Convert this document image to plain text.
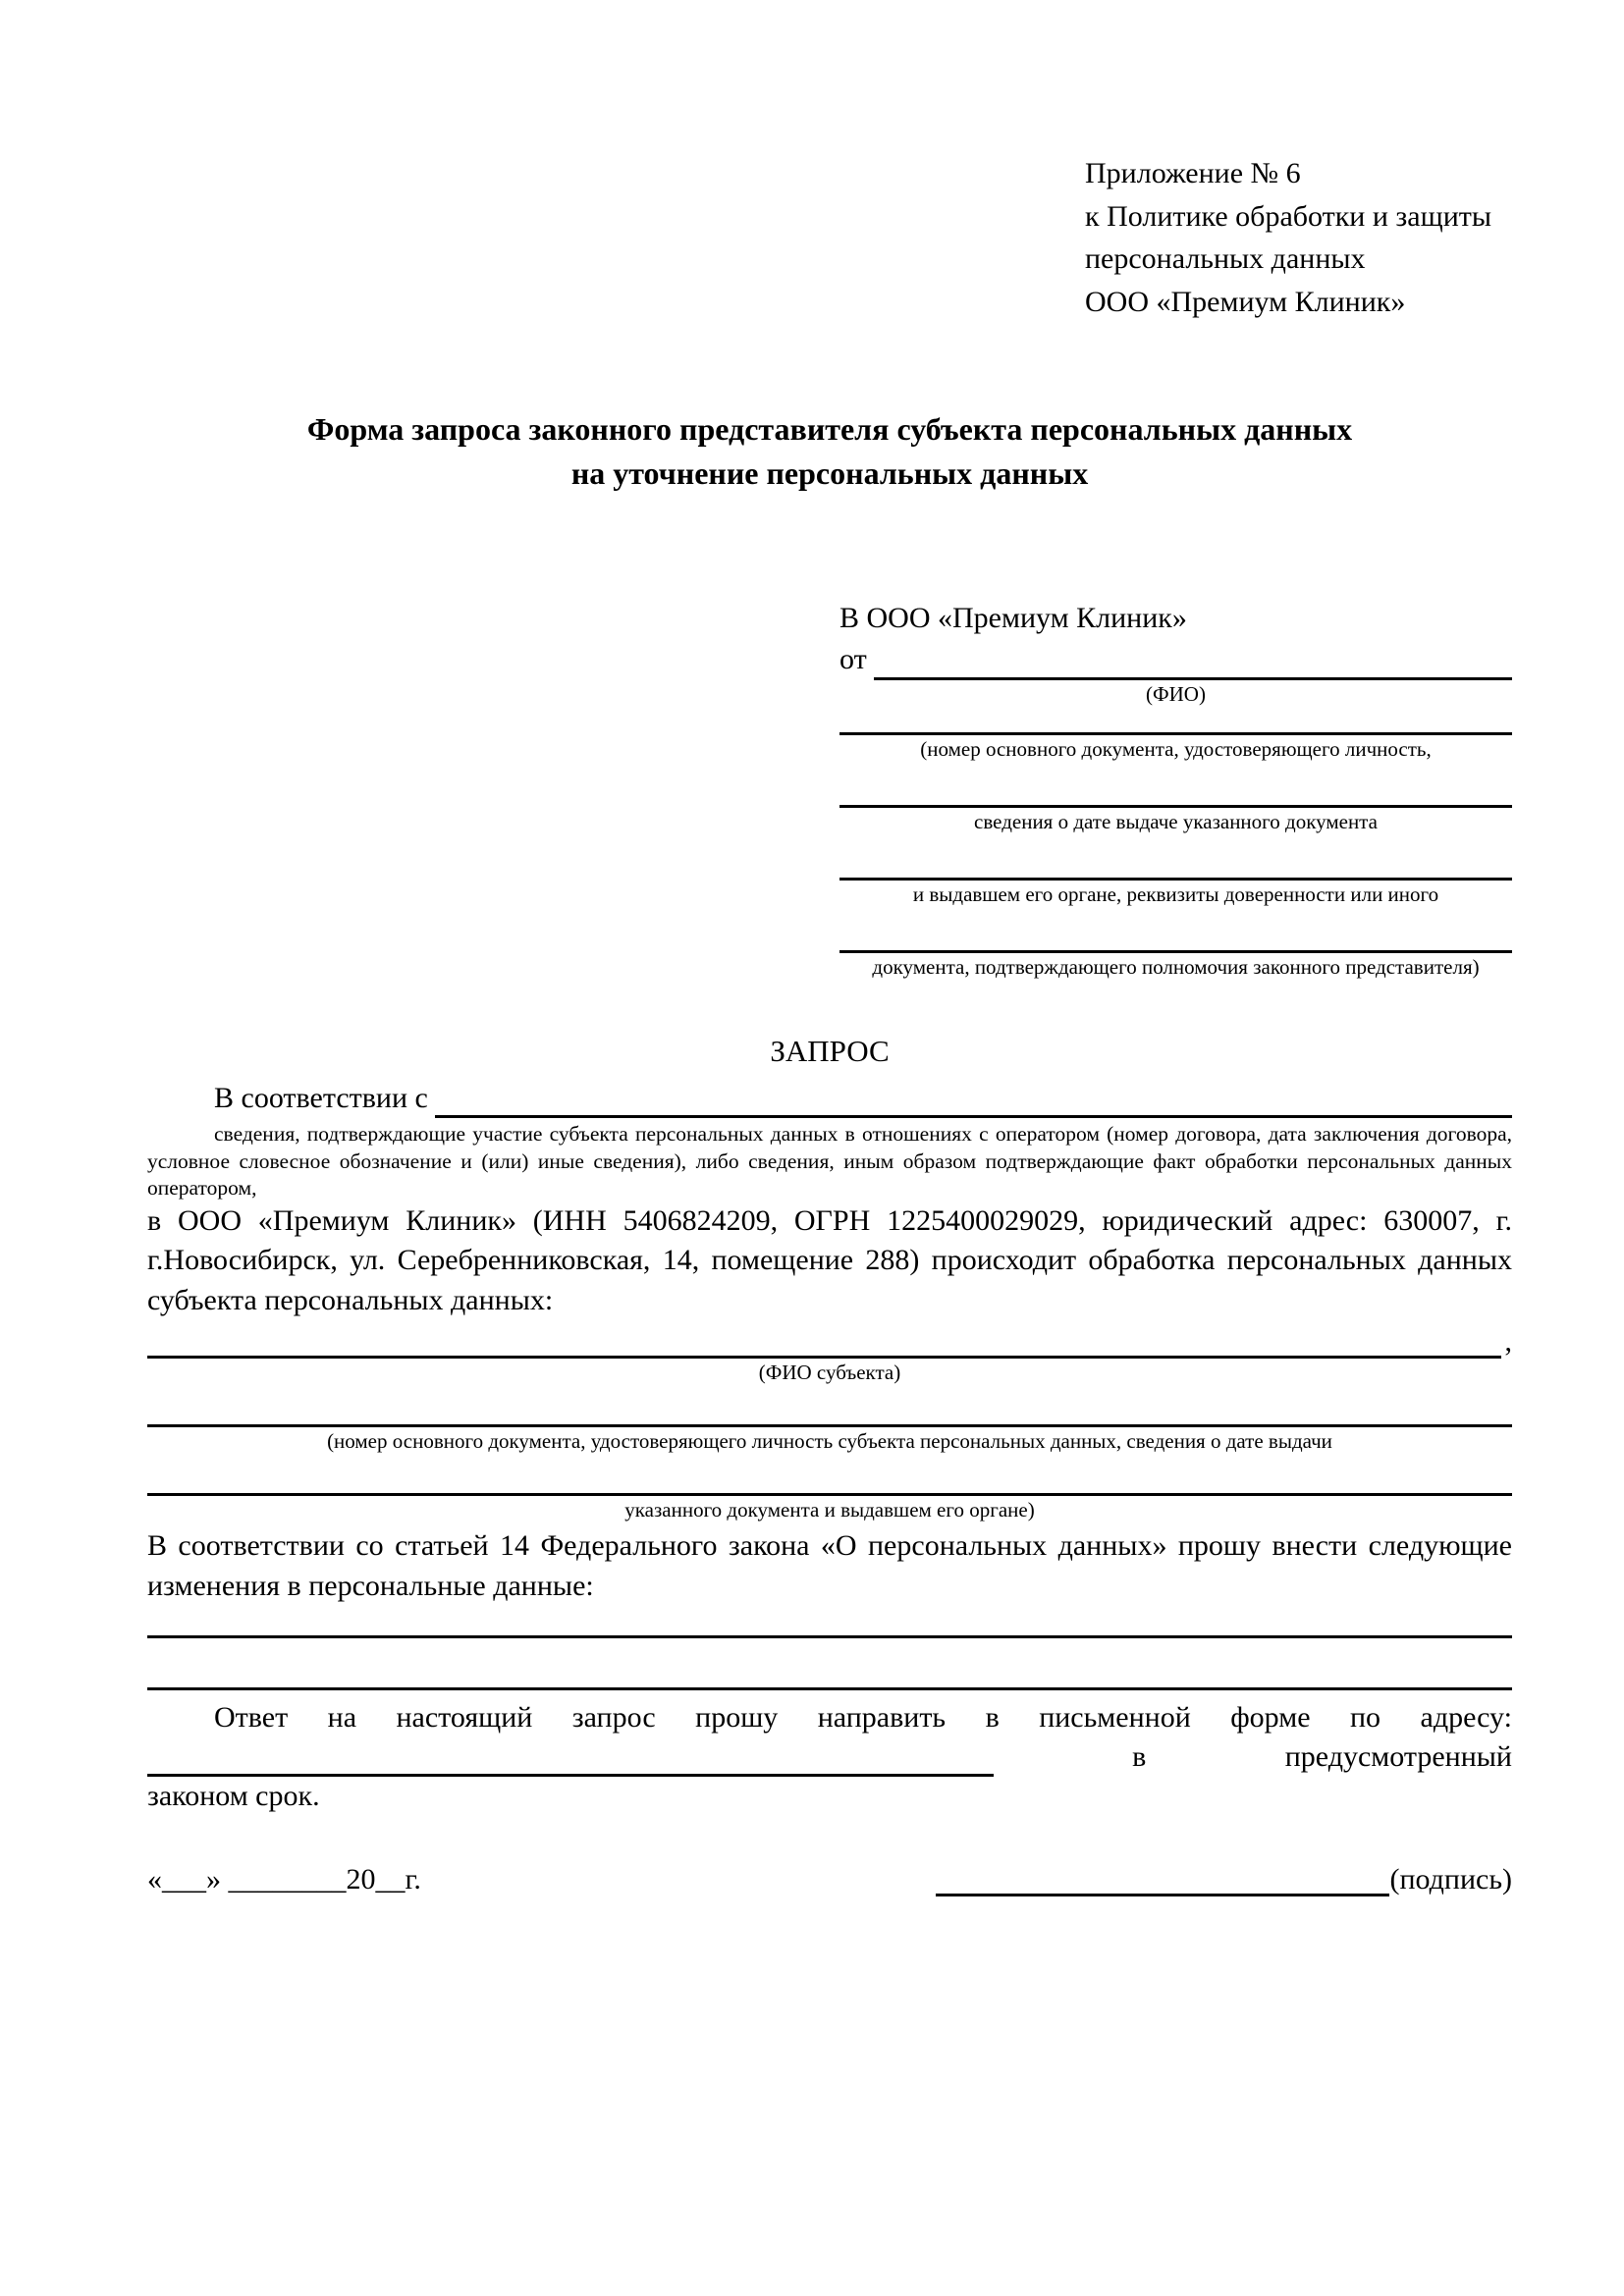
Приложение № 6
к Политике обработки и защиты
персональных данных
ООО «Премиум Клиник»
Форма запроса законного представителя субъекта персональных данных
на уточнение персональных данных
В ООО «Премиум Клиник»
от
(ФИО)
(номер основного документа, удостоверяющего личность,
сведения о дате выдаче указанного документа
и выдавшем его органе, реквизиты доверенности или иного
документа, подтверждающего полномочия законного представителя)
ЗАПРОС
В соответствии с
сведения, подтверждающие участие субъекта персональных данных в отношениях с оператором (номер договора, дата заключения договора, условное словесное обозначение и (или) иные сведения), либо сведения, иным образом подтверждающие факт обработки персональных данных оператором,
в ООО «Премиум Клиник» (ИНН 5406824209, ОГРН 1225400029029, юридический адрес: 630007, г. г.Новосибирск, ул. Серебренниковская, 14, помещение 288) происходит обработка персональных данных субъекта персональных данных:
,
(ФИО субъекта)
(номер основного документа, удостоверяющего личность субъекта персональных данных, сведения о дате выдачи
указанного документа и выдавшем его органе)
В соответствии со статьей 14 Федерального закона «О персональных данных» прошу внести следующие изменения в персональные данные:
Ответ на настоящий запрос прошу направить в письменной форме по адресу:
в	предусмотренный
законом срок.
«___» ________20__г.	(подпись)
